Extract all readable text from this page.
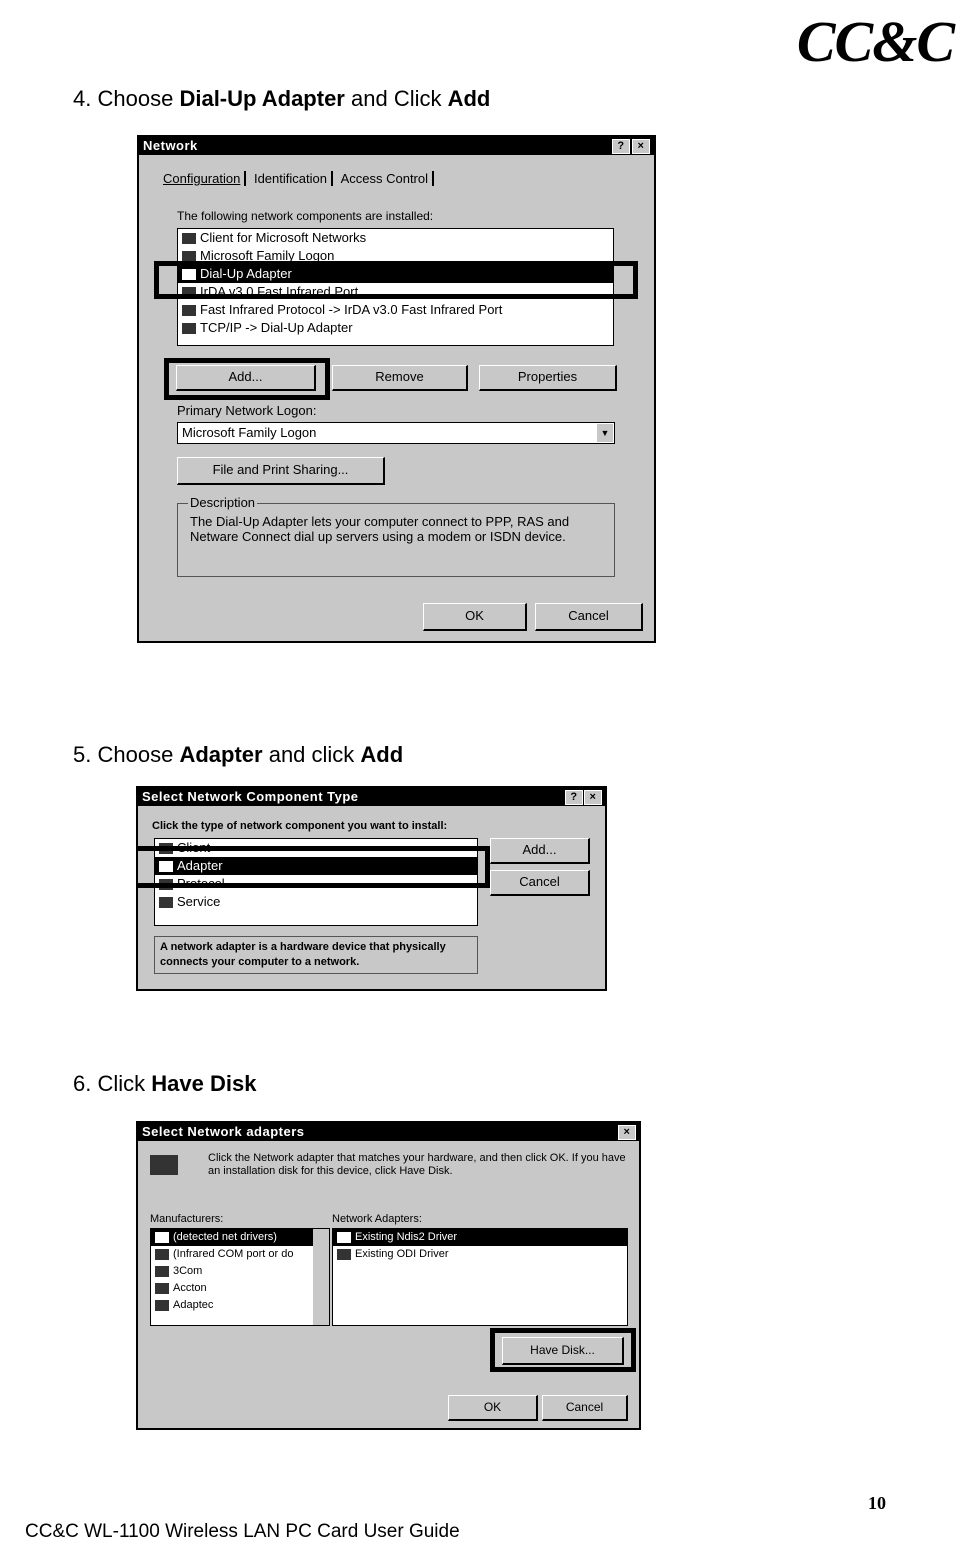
CC&C
4. Choose Dial-Up Adapter and Click Add
Network	?	×
Configuration Identification Access Control
The following network components are installed:
Client for Microsoft Networks
Microsoft Family Logon
Dial-Up Adapter
IrDA v3.0 Fast Infrared Port
Fast Infrared Protocol -> IrDA v3.0 Fast Infrared Port
TCP/IP -> Dial-Up Adapter
Add...	Remove	Properties
Primary Network Logon:
Microsoft Family Logon	▼
File and Print Sharing...
Description
The Dial-Up Adapter lets your computer connect to PPP, RAS and Netware Connect dial up servers using a modem or ISDN device.
OK	Cancel
5. Choose Adapter and click Add
Select Network Component Type	?	×
Click the type of network component you want to install:
Client
Adapter
Protocol
Service
Add...
Cancel
A network adapter is a hardware device that physically connects your computer to a network.
6. Click Have Disk
Select Network adapters	×
Click the Network adapter that matches your hardware, and then click OK. If you have an installation disk for this device, click Have Disk.
Manufacturers:
(detected net drivers)
(Infrared COM port or do
3Com
Accton
Adaptec
Network Adapters:
Existing Ndis2 Driver
Existing ODI Driver
Have Disk...
OK	Cancel
10
CC&C WL-1100 Wireless LAN PC Card User Guide
